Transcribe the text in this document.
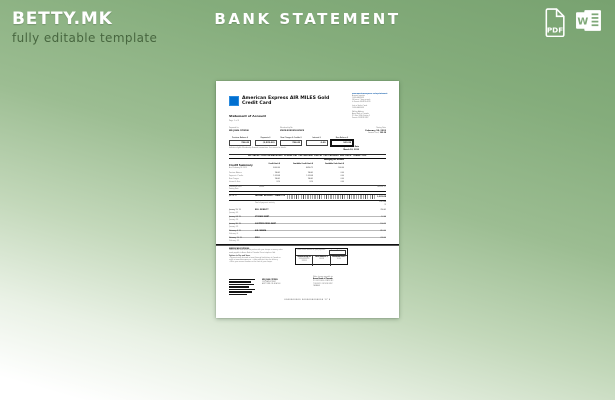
BETTY.MK
fully editable template
BANK STATEMENT
PDF
W
American Express AIR MILES Gold Credit Card
www.americanexpress.ca/mystatement
Account Inquiries
1-800-668-2639
24 hours, 7 days a week
In Toronto 905-474-0870
Lost or Stolen Cards
1-800-668-2639
Mailing Address
Amex Bank of Canada
P.O. Box 3204, Station F
Toronto ON M1W 3W7
Statement of Account
Page 1 of 3
Prepared for
MR JOHN CITIZEN
Membership No
XXXX-XXXXXX-XXXXX
Closing Date
February 18, 2013
Amount Due $ 103.28
Previous Balance $
766.42
Payments $
(1,323.08)
New Charges & Credits $
766.42
Interest $
0.00
New Balance $
103.28
Indicates eligible Membership Rewards transactions. See reverse for details.
Payment Due Date
March 10, 2013
WE VALUE YOUR MEMBERSHIP. PLEASE PAY THE AMOUNT DUE BY THE PAYMENT DUE DATE. THANK YOU.
Managing the Account
Credit Summary
As of February 18, 2013
Credit Limit $	Available Credit Limit $	Available Cash Limit $
5,000.00	4,896.72	500.00
Previous Balance	766.42	766.42	0.00
Payments / Credits	1,323.08	1,323.08	0.00
New Charges	766.42	766.42	0.00
Interest & Fees	8.10	8.10	0.00
Transaction Date
Posting Date
Details	Amount ($)
Jan 18 13	PAYMENT RECEIVED - THANK YOU	1,323.08
Total of payment activity
1,323.08
CR
January 19, 13
(January 20)
BELL MOBILITY	766.42
January 24, 13
(January 25)
STORAGE MART	12.64
January 30, 13
(January 31)
SHOPPERS DRUG MART	156.33
February 4, 13
(February 5)
AIR CANADA	810.00
February 11, 13
(February 12)
ESSO	230.00
AMERICAN EXPRESS
Please detach and return this portion with your cheque or money order
made payable to Amex Bank of Canada. Do not staple or fold.
Options to Pay and Save:
• Payments may be made at most financial institutions in Canada or
online at americanexpress.ca — allow sufficient time for delivery.
• Write your account number on the front of your cheque.
Please enter amount of your payment
Amount Paid $
Membership No
XXXX-XXXXXX-XXXXX
New Balance $
103.28
Minimum Due $
10.00
MR JOHN CITIZEN
123 MAIN STREET
ANYTOWN ON A1A 1A1
Make cheque payable to:
Amex Bank of Canada
P.O. BOX 3600, STATION F
TORONTO ON M1W 3W7
CANADA
0000000000 0000000000000 17 0
